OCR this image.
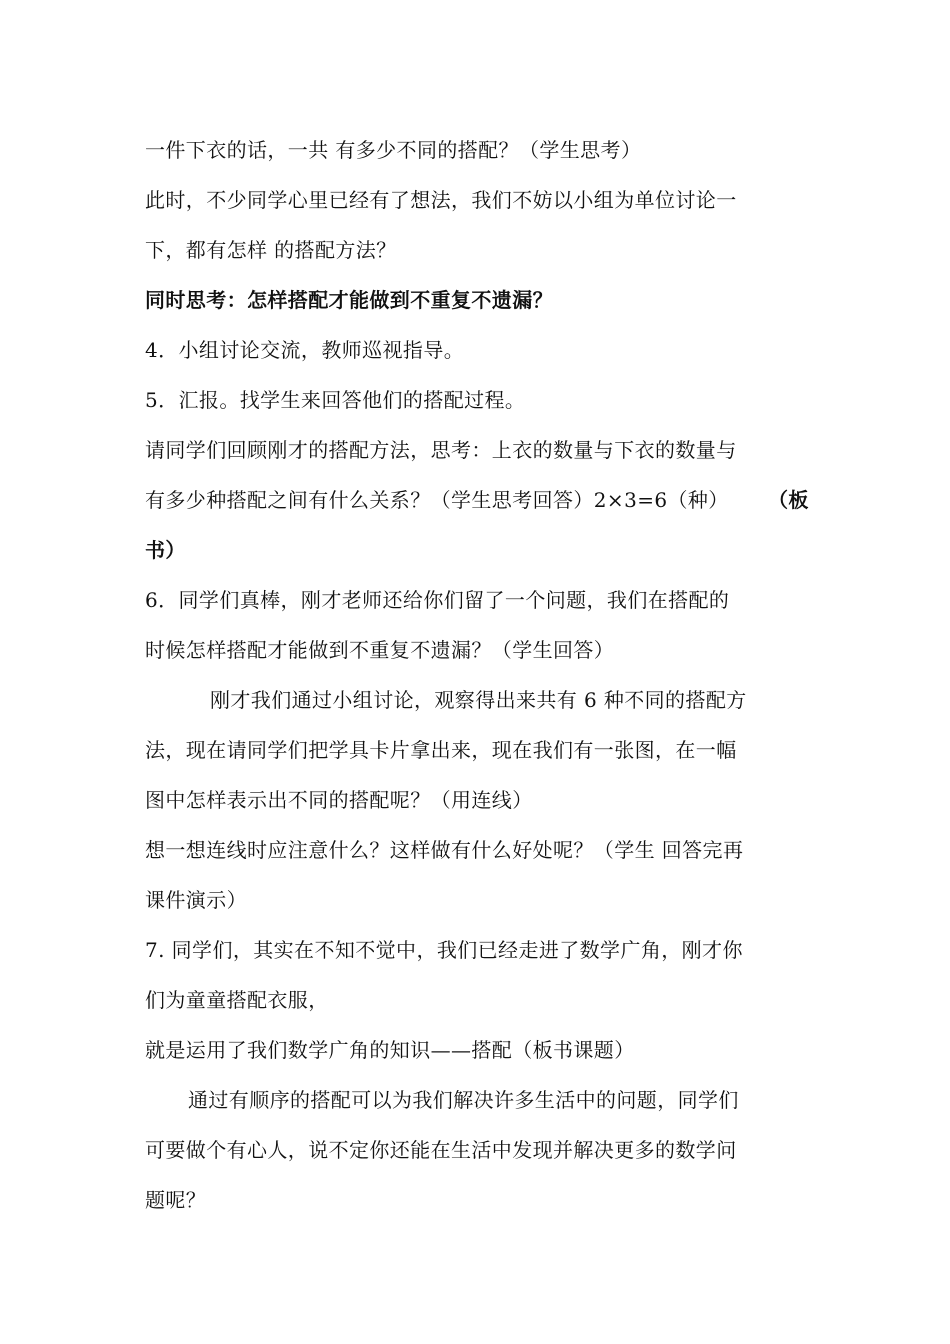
一件下衣的话，一共 有多少不同的搭配？（学生思考）
此时，不少同学心里已经有了想法，我们不妨以小组为单位讨论一
下，都有怎样 的搭配方法？
同时思考：怎样搭配才能做到不重复不遗漏？
4．小组讨论交流，教师巡视指导。
5．汇报。找学生来回答他们的搭配过程。
请同学们回顾刚才的搭配方法，思考：上衣的数量与下衣的数量与
有多少种搭配之间有什么关系？（学生思考回答）2×3=6（种） （板
书）
6．同学们真棒，刚才老师还给你们留了一个问题，我们在搭配的
时候怎样搭配才能做到不重复不遗漏？（学生回答）
刚才我们通过小组讨论，观察得出来共有 6 种不同的搭配方
法，现在请同学们把学具卡片拿出来，现在我们有一张图，在一幅
图中怎样表示出不同的搭配呢？（用连线）
想一想连线时应注意什么？这样做有什么好处呢？（学生 回答完再
课件演示）
7. 同学们，其实在不知不觉中，我们已经走进了数学广角，刚才你
们为童童搭配衣服，
就是运用了我们数学广角的知识——搭配（板书课题）
通过有顺序的搭配可以为我们解决许多生活中的问题，同学们
可要做个有心人，说不定你还能在生活中发现并解决更多的数学问
题呢？
